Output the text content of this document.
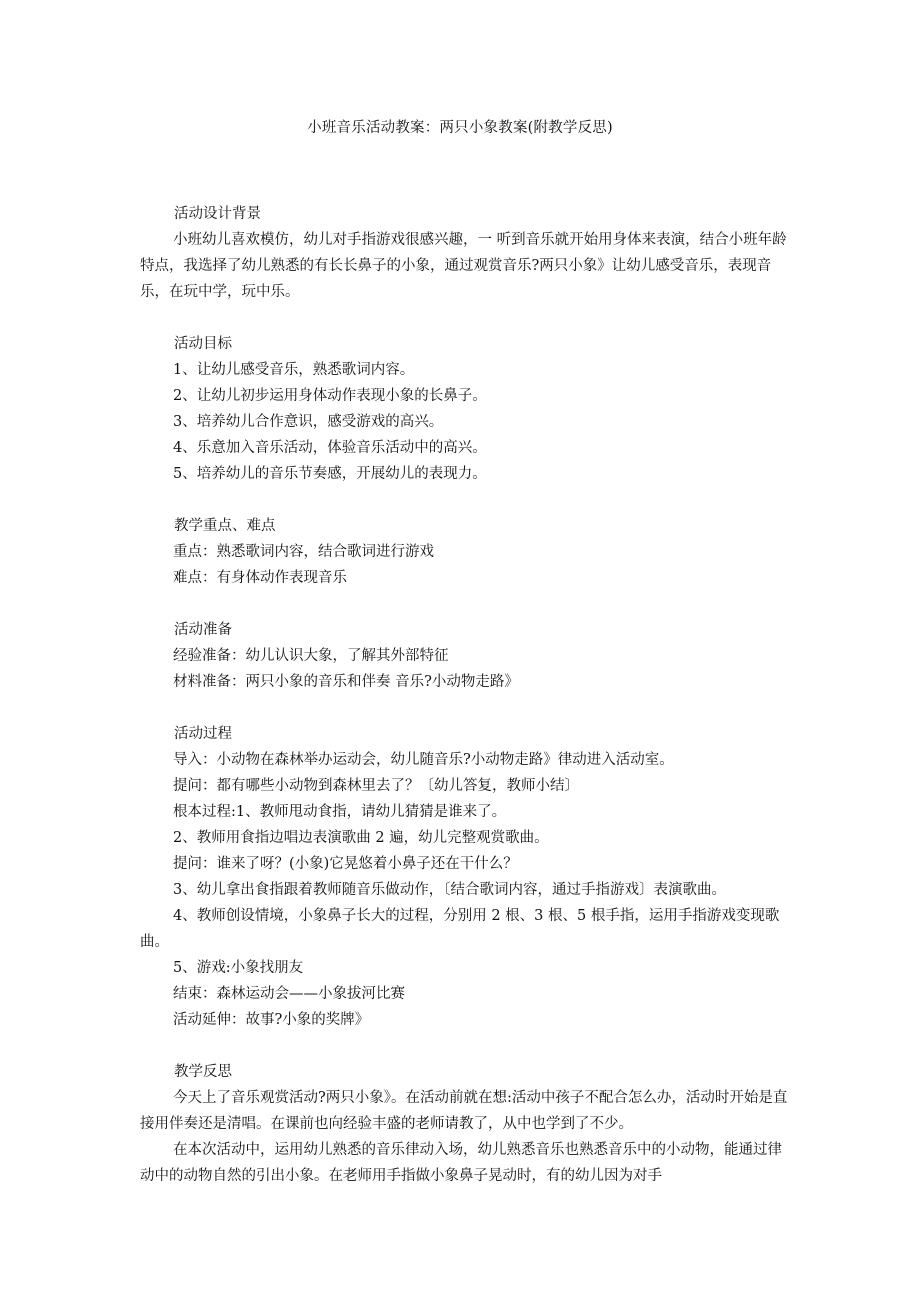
小班音乐活动教案：两只小象教案(附教学反思)

活动设计背景

小班幼儿喜欢模仿，幼儿对手指游戏很感兴趣，一 听到音乐就开始用身体来表演，结合小班年龄特点，我选择了幼儿熟悉的有长长鼻子的小象，通过观赏音乐?两只小象》让幼儿感受音乐，表现音乐，在玩中学，玩中乐。

活动目标

1、让幼儿感受音乐，熟悉歌词内容。

2、让幼儿初步运用身体动作表现小象的长鼻子。

3、培养幼儿合作意识，感受游戏的高兴。

4、乐意加入音乐活动，体验音乐活动中的高兴。

5、培养幼儿的音乐节奏感，开展幼儿的表现力。

教学重点、难点

重点：熟悉歌词内容，结合歌词进行游戏

难点：有身体动作表现音乐

活动准备

经验准备：幼儿认识大象，了解其外部特征

材料准备：两只小象的音乐和伴奏 音乐?小动物走路》

活动过程

导入：小动物在森林举办运动会，幼儿随音乐?小动物走路》律动进入活动室。

提问：都有哪些小动物到森林里去了？〔幼儿答复，教师小结〕

根本过程:1、教师甩动食指，请幼儿猜猜是谁来了。

2、教师用食指边唱边表演歌曲 2 遍，幼儿完整观赏歌曲。

提问：谁来了呀？(小象)它晃悠着小鼻子还在干什么？

3、幼儿拿出食指跟着教师随音乐做动作，〔结合歌词内容，通过手指游戏〕表演歌曲。

4、教师创设情境，小象鼻子长大的过程，分别用 2 根、3 根、5 根手指，运用手指游戏变现歌曲。

5、游戏:小象找朋友

结束：森林运动会——小象拔河比赛

活动延伸：故事?小象的奖牌》

教学反思

今天上了音乐观赏活动?两只小象》。在活动前就在想:活动中孩子不配合怎么办，活动时开始是直接用伴奏还是清唱。在课前也向经验丰盛的老师请教了，从中也学到了不少。

在本次活动中，运用幼儿熟悉的音乐律动入场，幼儿熟悉音乐也熟悉音乐中的小动物，能通过律动中的动物自然的引出小象。在老师用手指做小象鼻子晃动时，有的幼儿因为对手
